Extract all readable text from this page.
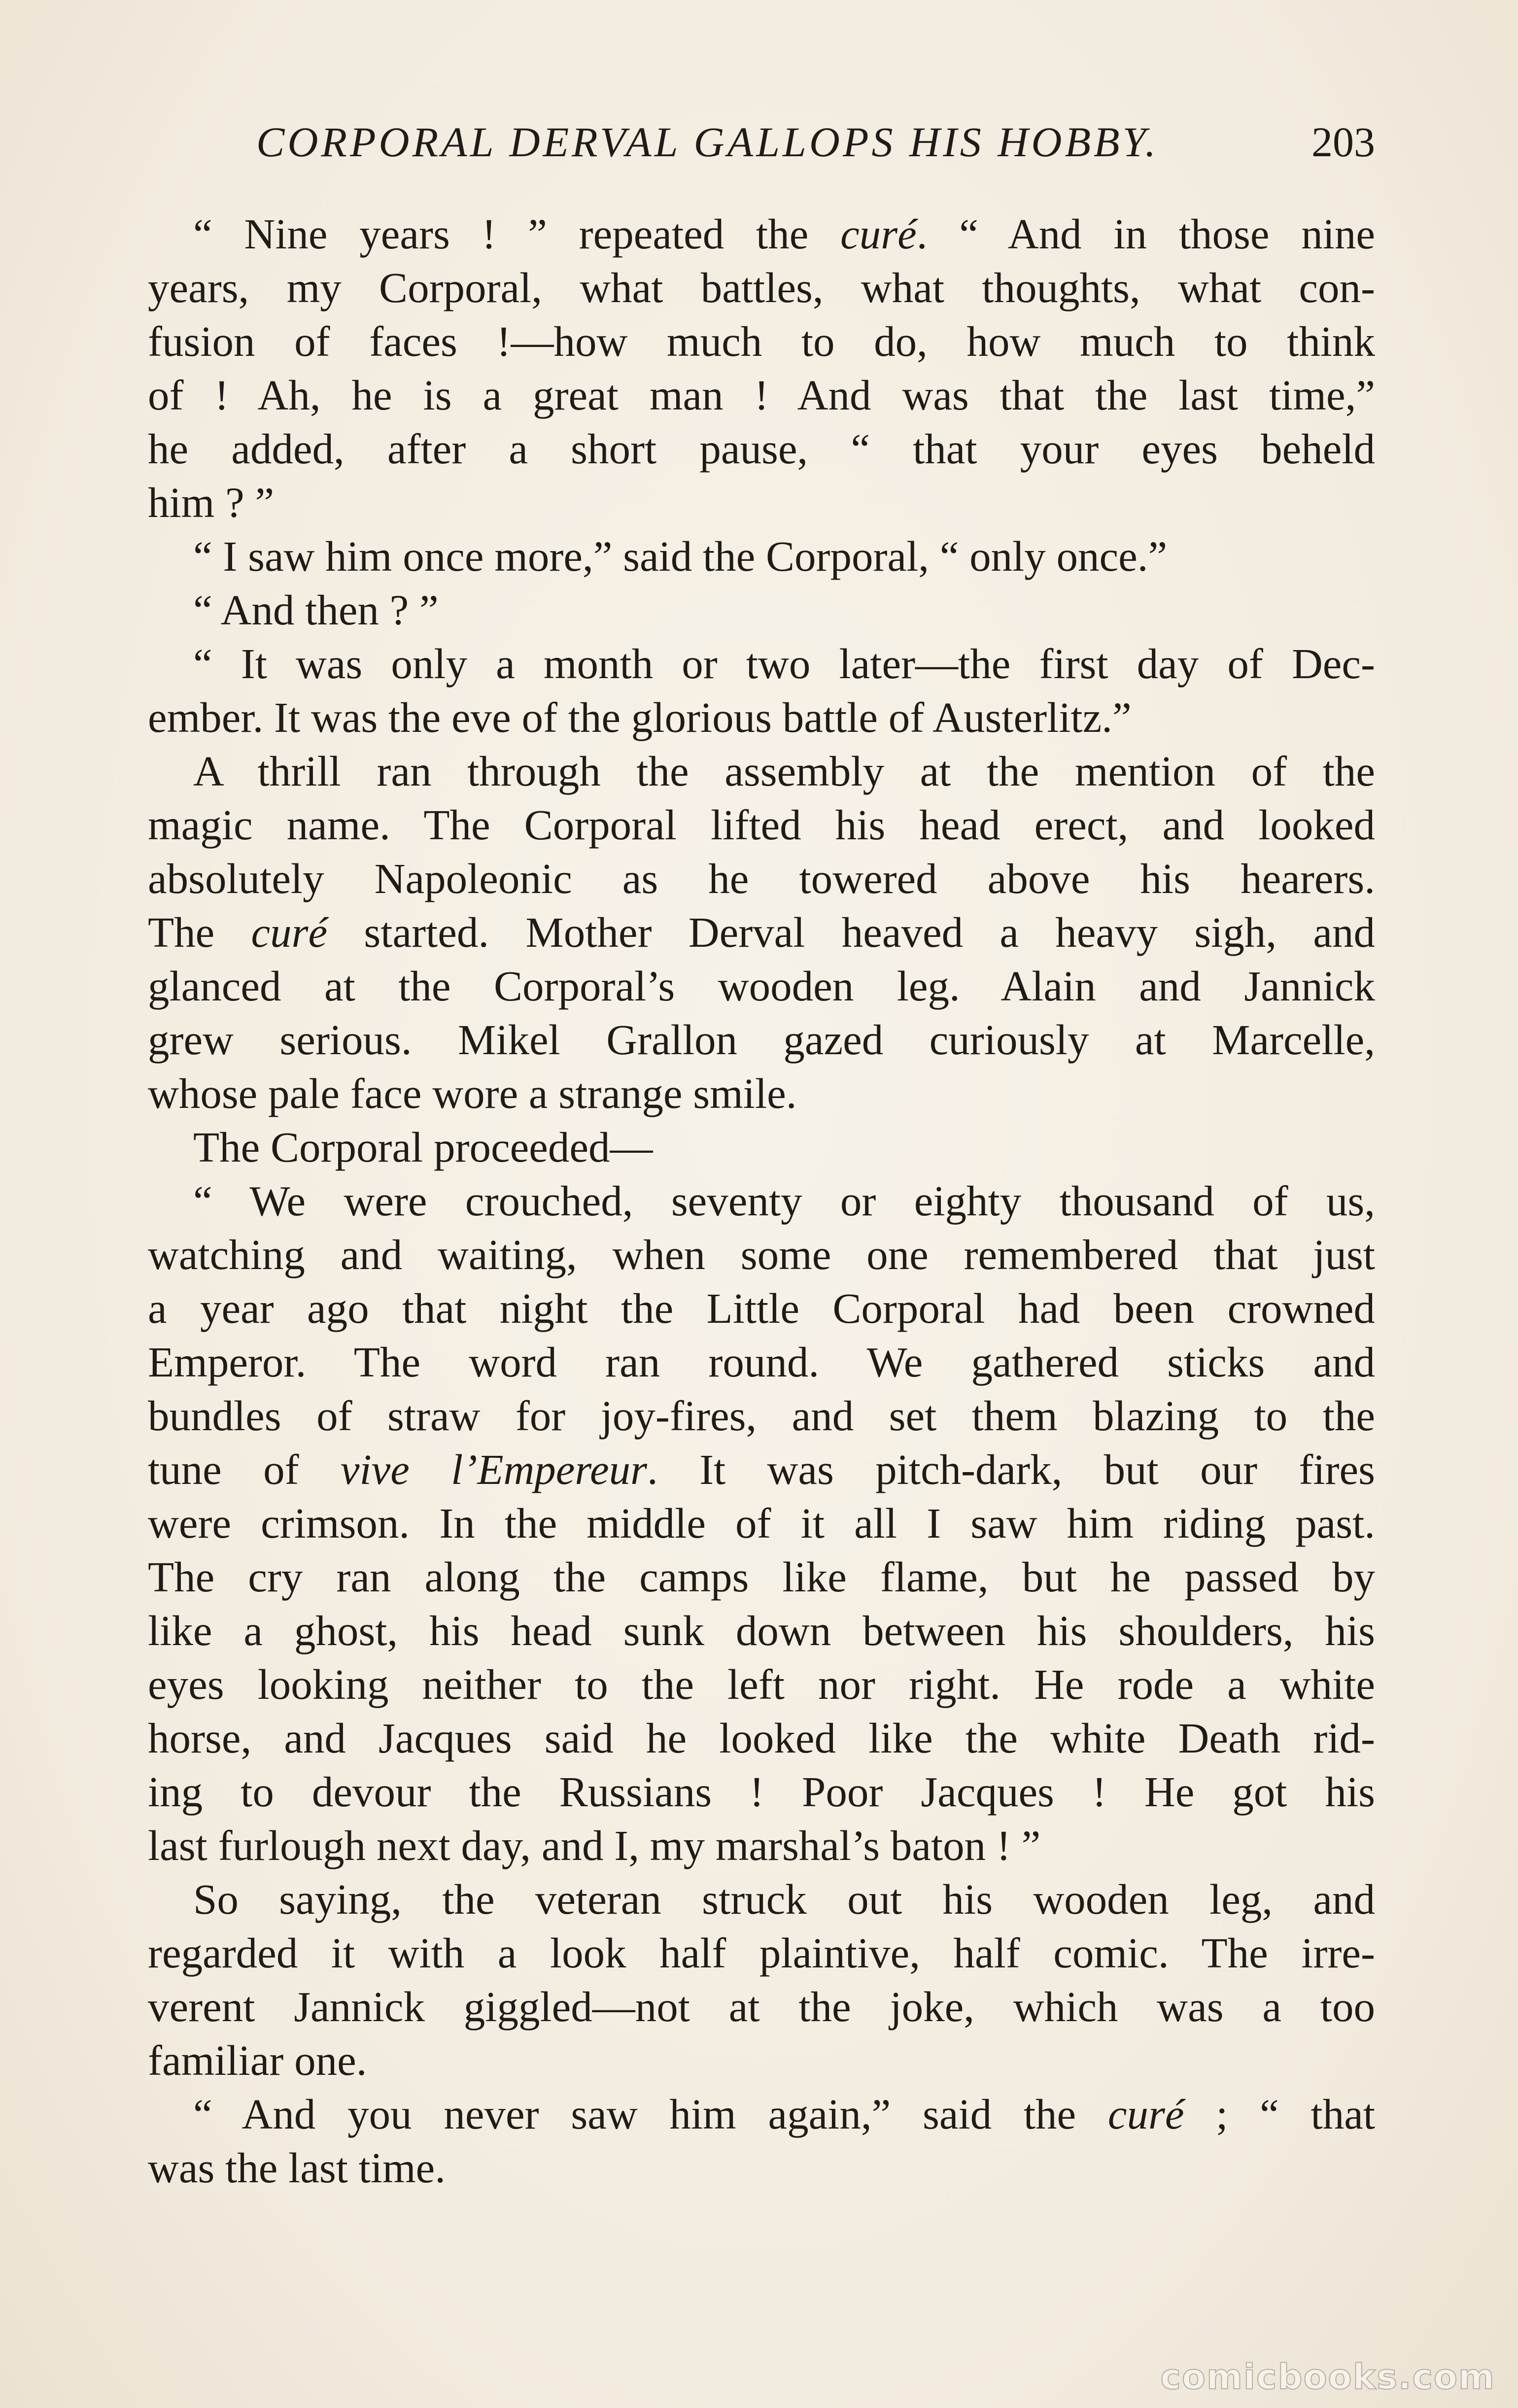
CORPORAL DERVAL GALLOPS HIS HOBBY.	203
“ Nine years ! ” repeated the curé. “ And in those nine
years, my Corporal, what battles, what thoughts, what con-
fusion of faces !—how much to do, how much to think
of ! Ah, he is a great man ! And was that the last time,”
he added, after a short pause, “ that your eyes beheld
him ? ”
“ I saw him once more,” said the Corporal, “ only once.”
“ And then ? ”
“ It was only a month or two later—the first day of Dec-
ember. It was the eve of the glorious battle of Austerlitz.”
A thrill ran through the assembly at the mention of the
magic name. The Corporal lifted his head erect, and looked
absolutely Napoleonic as he towered above his hearers.
The curé started. Mother Derval heaved a heavy sigh, and
glanced at the Corporal’s wooden leg. Alain and Jannick
grew serious. Mikel Grallon gazed curiously at Marcelle,
whose pale face wore a strange smile.
The Corporal proceeded—
“ We were crouched, seventy or eighty thousand of us,
watching and waiting, when some one remembered that just
a year ago that night the Little Corporal had been crowned
Emperor. The word ran round. We gathered sticks and
bundles of straw for joy-fires, and set them blazing to the
tune of vive l’Empereur. It was pitch-dark, but our fires
were crimson. In the middle of it all I saw him riding past.
The cry ran along the camps like flame, but he passed by
like a ghost, his head sunk down between his shoulders, his
eyes looking neither to the left nor right. He rode a white
horse, and Jacques said he looked like the white Death rid-
ing to devour the Russians ! Poor Jacques ! He got his
last furlough next day, and I, my marshal’s baton ! ”
So saying, the veteran struck out his wooden leg, and
regarded it with a look half plaintive, half comic. The irre-
verent Jannick giggled—not at the joke, which was a too
familiar one.
“ And you never saw him again,” said the curé ; “ that
was the last time.
comicbooks.com
